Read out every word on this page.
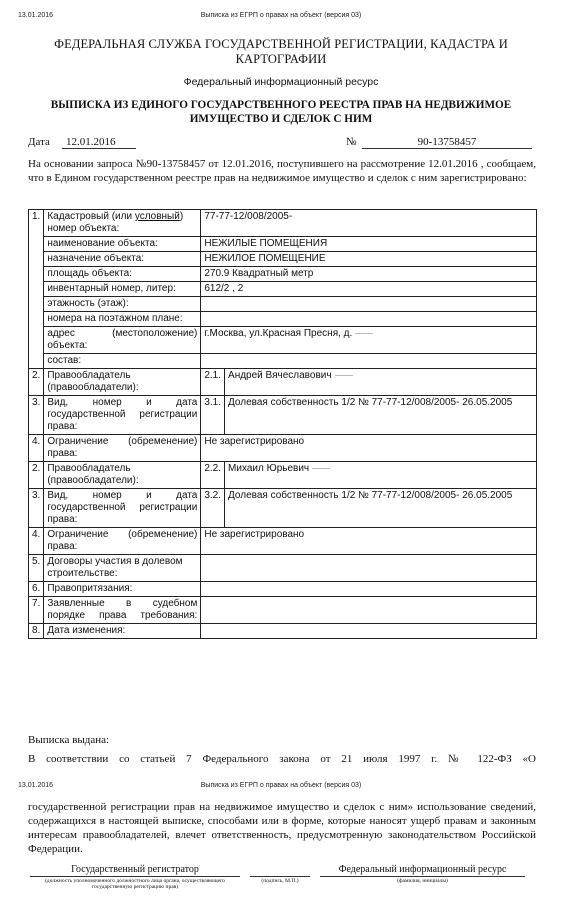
13.01.2016	Выписка из ЕГРП о правах на объект (версия 03)
ФЕДЕРАЛЬНАЯ СЛУЖБА ГОСУДАРСТВЕННОЙ РЕГИСТРАЦИИ, КАДАСТРА И
КАРТОГРАФИИ
Федеральный информационный ресурс
ВЫПИСКА ИЗ ЕДИНОГО ГОСУДАРСТВЕННОГО РЕЕСТРА ПРАВ НА НЕДВИЖИМОЕ
ИМУЩЕСТВО И СДЕЛОК С НИМ
Дата	12.01.2016	№	90-13758457
На основании запроса №90-13758457 от 12.01.2016, поступившего на рассмотрение 12.01.2016 , сообщаем, что в Едином государственном реестре прав на недвижимое имущество и сделок с ним зарегистрировано:
1.	Кадастровый (или условный) номер объекта:	77-77-12/008/2005-	
	наименование объекта:	НЕЖИЛЫЕ ПОМЕЩЕНИЯ	
	назначение объекта:	НЕЖИЛОЕ ПОМЕЩЕНИЕ	
	площадь объекта:	270.9 Квадратный метр	
	инвентарный номер, литер:	612/2 , 2	
	этажность (этаж):		
	номера на поэтажном плане:		
	адрес (местоположение) объекта:	г.Москва, ул.Красная Пресня, д.	
	состав:		
2.	Правообладатель (правообладатели):	2.1.	Андрей Вячеславович
3.	Вид, номер и дата государственной регистрации права:	3.1.	Долевая собственность 1/2 № 77-77-12/008/2005- 26.05.2005
4.	Ограничение (обременение) права:	Не зарегистрировано	
2.	Правообладатель (правообладатели):	2.2.	Михаил Юрьевич
3.	Вид, номер и дата государственной регистрации права:	3.2.	Долевая собственность 1/2 № 77-77-12/008/2005- 26.05.2005
4.	Ограничение (обременение) права:	Не зарегистрировано	
5.	Договоры участия в долевом строительстве:		
6.	Правопритязания:		
7.	Заявленные в судебном порядке права требования:		
8.	Дата изменения:		
Выписка выдана:
В соответствии со статьей 7 Федерального закона от 21 июля 1997 г. № 122-ФЗ «О
13.01.2016	Выписка из ЕГРП о правах на объект (версия 03)
государственной регистрации прав на недвижимое имущество и сделок с ним» использование сведений, содержащихся в настоящей выписке, способами или в форме, которые наносят ущерб правам и законным интересам правообладателей, влечет ответственность, предусмотренную законодательством Российской Федерации.
Государственный регистратор
(должность уполномоченного должностного лица органа, осуществляющего государственную регистрацию прав)
(подпись, М.П.)
Федеральный информационный ресурс
(фамилия, инициалы)
